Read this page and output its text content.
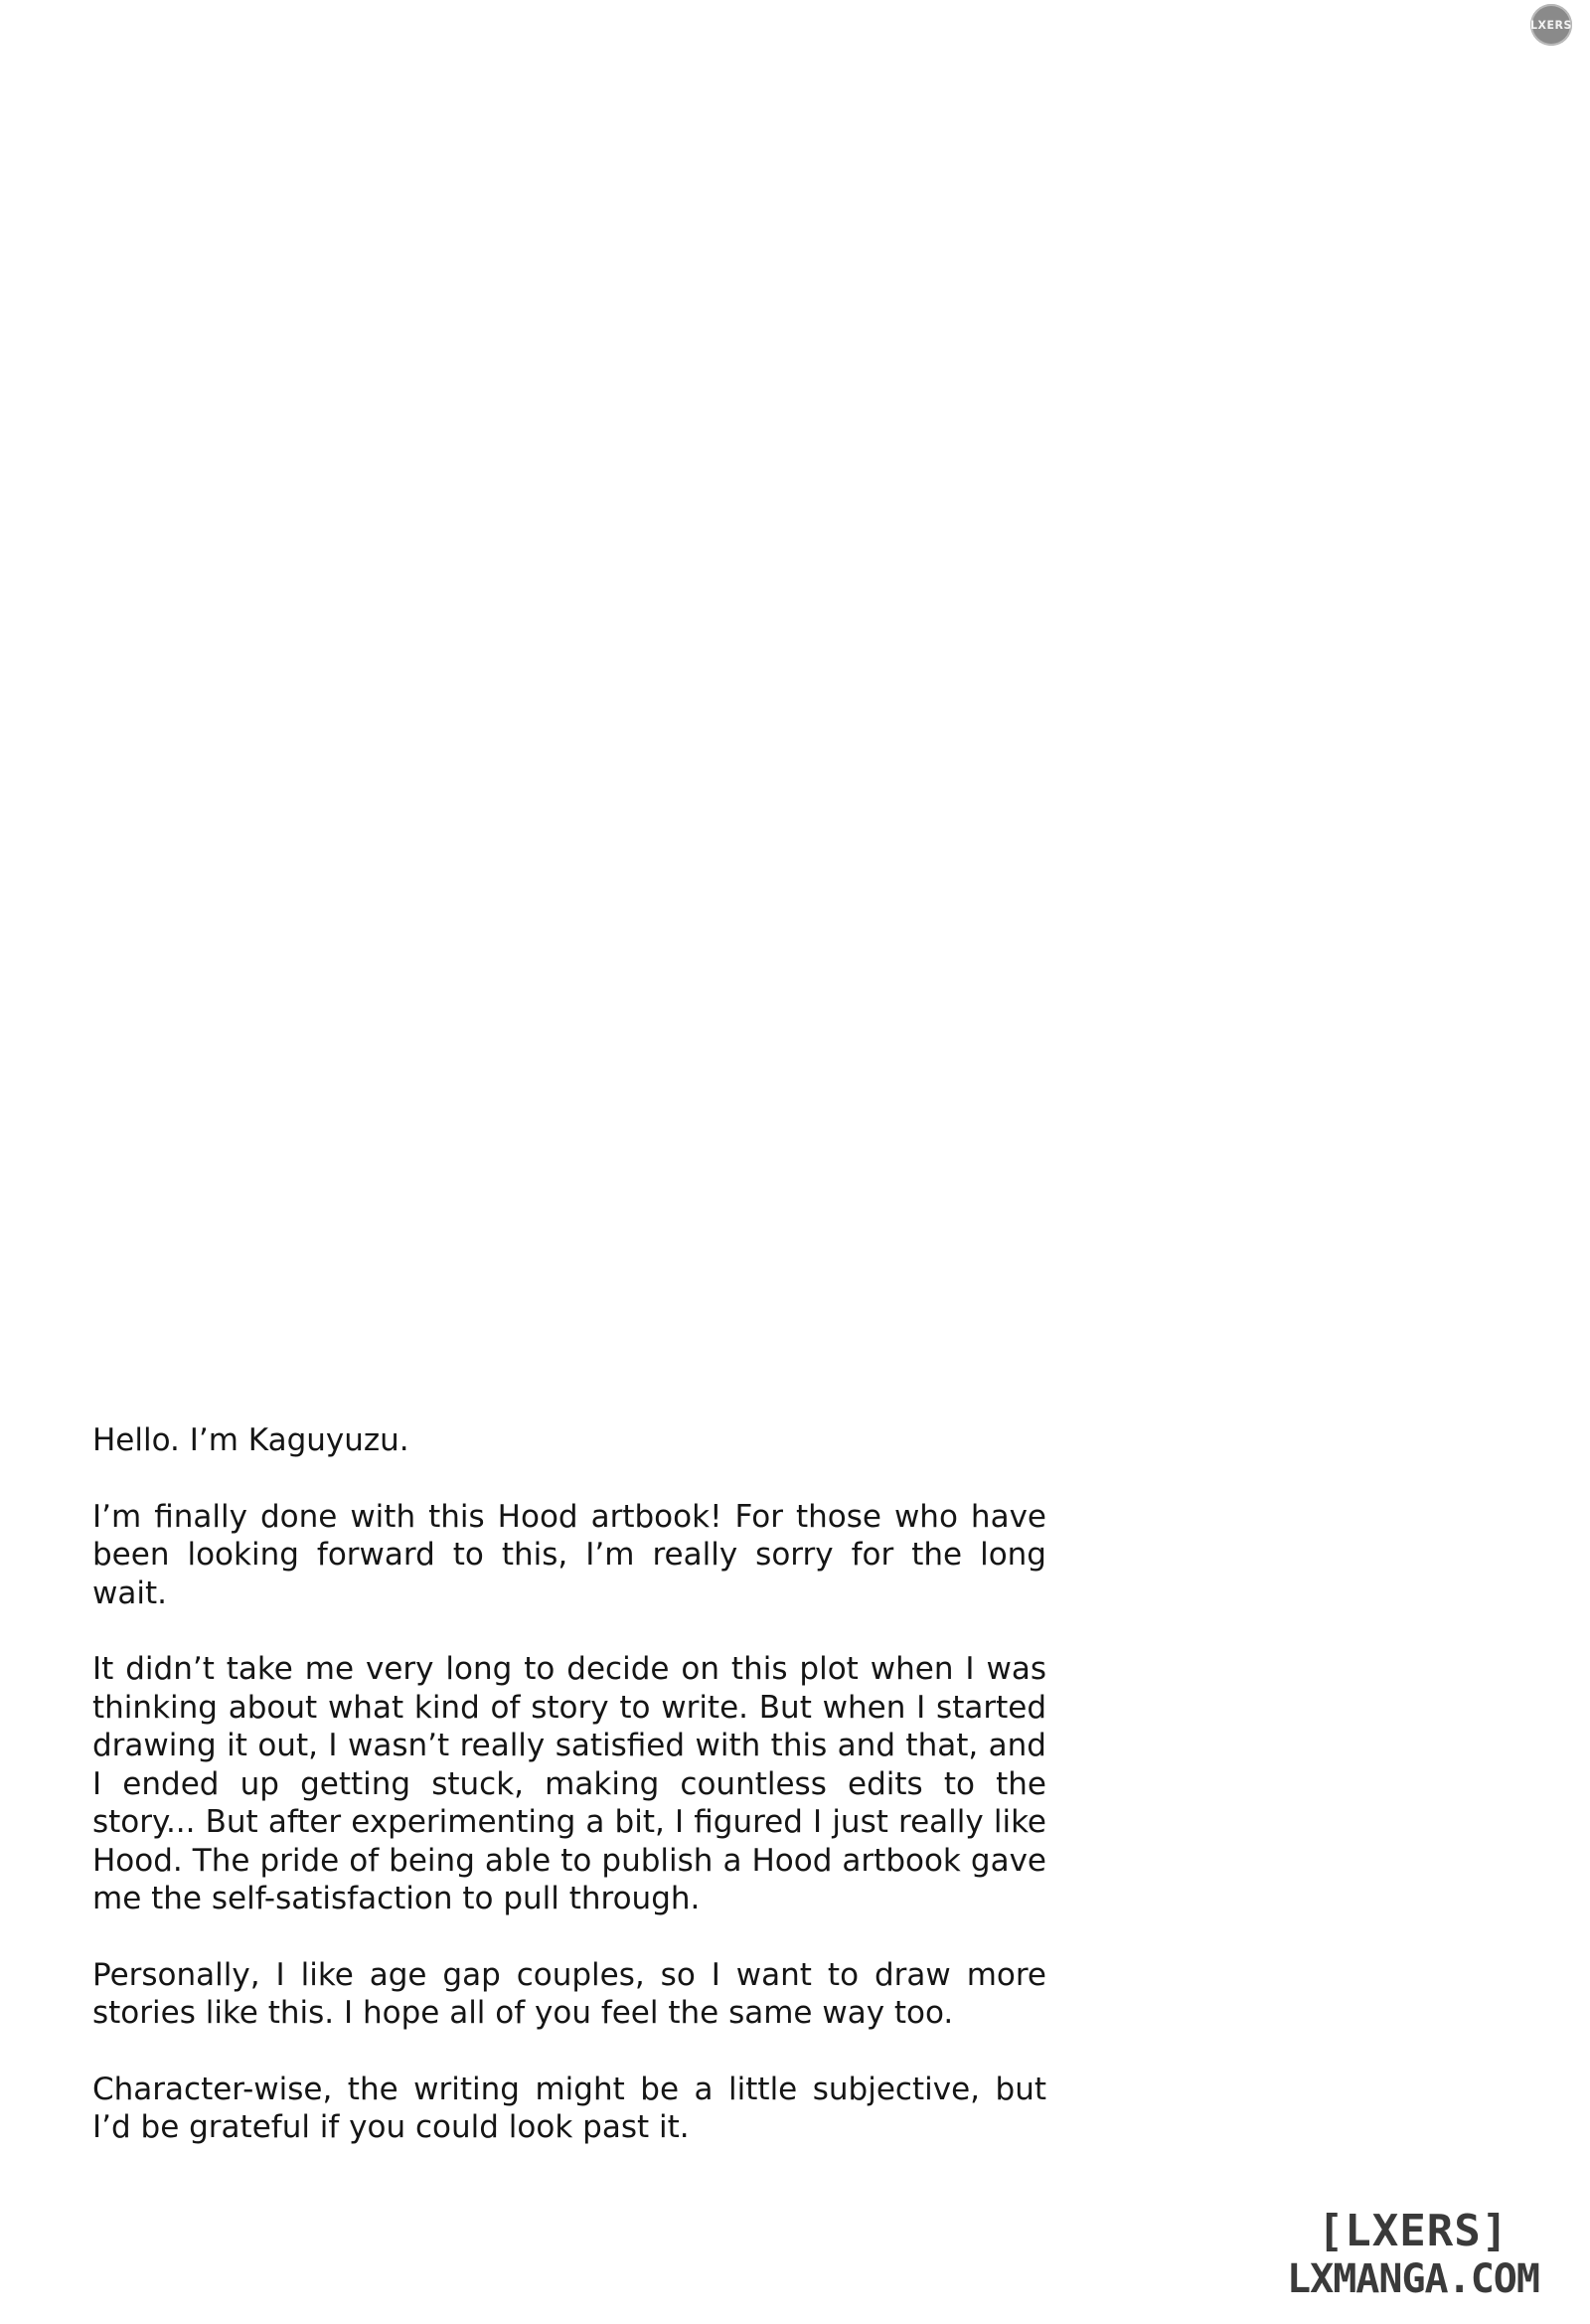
LXERS

Hello. I’m Kaguyuzu.

I’m finally done with this Hood artbook! For those who have been looking forward to this, I’m really sorry for the long wait.

It didn’t take me very long to decide on this plot when I was thinking about what kind of story to write. But when I started drawing it out, I wasn’t really satisfied with this and that, and I ended up getting stuck, making countless edits to the story... But after experimenting a bit, I figured I just really like Hood. The pride of being able to publish a Hood artbook gave me the self-satisfaction to pull through.

Personally, I like age gap couples, so I want to draw more stories like this. I hope all of you feel the same way too.

Character-wise, the writing might be a little subjective, but I’d be grateful if you could look past it.

[LXERS]
LXMANGA.COM
